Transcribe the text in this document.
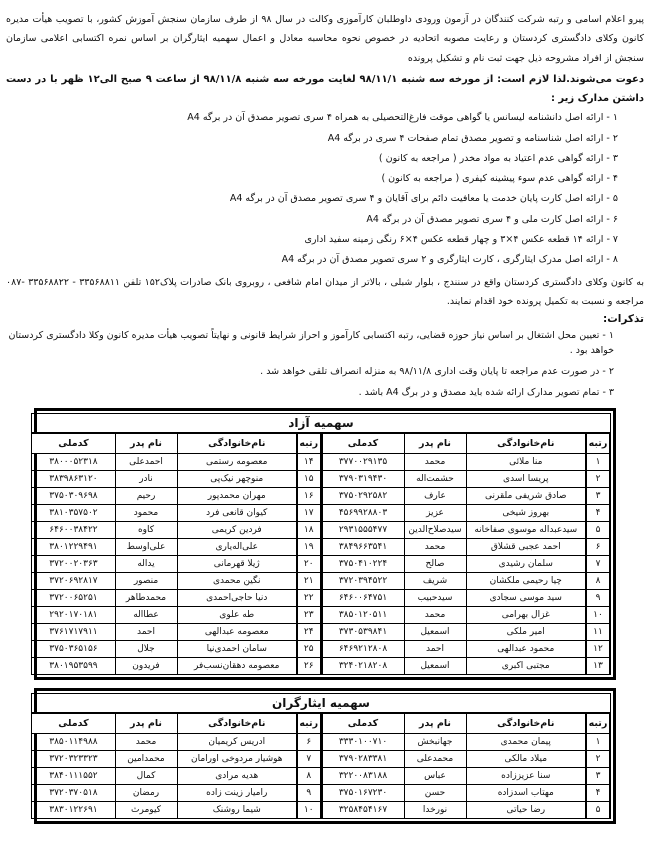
پیرو اعلام اسامی و رتبه شرکت کنندگان در آزمون ورودی داوطلبان کارآموزی وکالت در سال ۹۸ از طرف سازمان سنجش آموزش کشور، با تصویب هیأت مدیره کانون وکلای دادگستری کردستان و رعایت مصوبه اتحادیه در خصوص نحوه محاسبه معادل و اعمال سهمیه ایثارگران بر اساس نمره اکتسابی اعلامی سازمان سنجش از افراد مشروحه ذیل جهت ثبت نام و تشکیل پرونده

دعوت می‌شوند.لذا لازم است: از مورخه سه شنبه ۹۸/۱۱/۱ لغایت مورخه سه شنبه ۹۸/۱۱/۸ از ساعت ۹ صبح الی۱۲ ظهر با در دست داشتن مدارک زیر :

۱ - ارائه اصل دانشنامه لیسانس یا گواهی موقت فارغ‌التحصیلی به همراه ۴ سری تصویر مصدق آن در برگه A4
۲ - ارائه اصل شناسنامه و تصویر مصدق تمام صفحات ۴ سری در برگه A4
۳ - ارائه گواهی عدم اعتیاد به مواد مخدر ( مراجعه به کانون )
۴ - ارائه گواهی عدم سوء پیشینه کیفری ( مراجعه به کانون )
۵ - ارائه اصل کارت پایان خدمت یا معافیت دائم برای آقایان و ۴ سری تصویر مصدق آن در برگه A4
۶ - ارائه اصل کارت ملی و ۴ سری تصویر مصدق آن در برگه A4
۷ - ارائه ۱۴ قطعه عکس ۴×۳ و چهار قطعه عکس ۴×۶ رنگی زمینه سفید اداری
۸ - ارائه اصل مدرک ایثارگری ، کارت ایثارگری و ۲ سری تصویر مصدق آن در برگه A4

به کانون وکلای دادگستری کردستان واقع در سنندج ، بلوار شبلی ، بالاتر از میدان امام شافعی ، روبروی بانک صادرات پلاک۱۵۲ تلفن ۳۳۵۶۸۸۱۱ - ۳۳۵۶۸۸۲۲ -۰۸۷ مراجعه و نسبت به تکمیل پرونده خود اقدام نمایند.

تذکرات:

۱ - تعیین محل اشتغال بر اساس نیاز حوزه قضایی، رتبه اکتسابی کارآموز و احراز شرایط قانونی و نهایتاً تصویب هیأت مدیره کانون وکلا دادگستری کردستان خواهد بود .
۲ - در صورت عدم مراجعه تا پایان وقت اداری ۹۸/۱۱/۸ به منزله انصراف تلقی خواهد شد .
۳ - تمام تصویر مدارک ارائه شده باید مصدق و در برگ A4 باشد .
سهمیه آزاد							
رتبه	نام‌خانوادگی	نام پدر	کدملی	رتبه	نام‌خانوادگی	نام پدر	کدملی
۱	منا ملائی	محمد	۳۷۷۰۰۲۹۱۳۵	۱۴	معصومه رستمی	احمدعلی	۳۸۰۰۰۵۲۳۱۸
۲	پریسا اسدی	حشمت‌اله	۳۷۹۰۳۱۹۴۳۰	۱۵	منوچهر نیک‌پی	نادر	۳۸۳۹۸۶۳۱۲۰
۳	صادق شریفی ملقرنی	عارف	۳۷۵۰۲۹۲۵۸۲	۱۶	مهران محمدپور	رحیم	۳۷۵۰۳۰۹۶۹۸
۴	بهروز شیخی	عزیز	۴۵۶۹۹۲۸۸۰۳	۱۷	کیوان قانعی فرد	محمود	۳۸۱۰۳۵۷۵۰۲
۵	سیدعبداله موسوی صفاخانه	سیدصلاح‌الدین	۲۹۳۱۵۵۵۴۷۷	۱۸	فردین کریمی	کاوه	۶۴۶۰۰۳۸۴۲۲
۶	احمد عجبی قشلاق	محمد	۳۸۴۹۶۶۳۵۴۱	۱۹	علی‌اله‌یاری	علی‌اوسط	۳۸۰۱۲۲۹۴۹۱
۷	سلمان رشیدی	صالح	۳۷۵۰۴۱۰۲۲۴	۲۰	ژیلا قهرمانی	یداله	۳۷۲۰۰۲۰۳۶۳
۸	چیا رحیمی ملکشان	شریف	۳۷۲۰۳۹۴۵۲۲	۲۱	نگین محمدی	منصور	۳۷۲۰۶۹۲۸۱۷
۹	سید موسی سجادی	سیدحبیب	۶۴۶۰۰۶۴۷۵۱	۲۲	دنیا حاجی‌احمدی	محمدطاهر	۳۷۲۰۰۶۵۲۵۱
۱۰	غزال بهرامی	محمد	۳۸۵۰۱۲۰۵۱۱	۲۳	طه علوی	عطااله	۲۹۲۰۱۷۰۱۸۱
۱۱	امیر ملکی	اسمعیل	۳۷۳۰۵۳۹۸۴۱	۲۴	معصومه عبدالهی	احمد	۳۷۶۱۷۱۷۹۱۱
۱۲	محمود عبدالهی	احمد	۶۴۶۹۲۱۲۸۰۸	۲۵	سامان احمدی‌نیا	جلال	۳۷۵۰۳۶۵۱۵۶
۱۳	مجتبی اکبری	اسمعیل	۳۲۴۰۲۱۸۲۰۸	۲۶	معصومه دهقان‌نسب‌فر	فریدون	۳۸۰۱۹۵۳۵۹۹
سهمیه ایثارگران							
رتبه	نام‌خانوادگی	نام پدر	کدملی	رتبه	نام‌خانوادگی	نام پدر	کدملی
۱	پیمان محمدی	جهانبخش	۳۳۳۰۱۰۰۷۱۰	۶	ادریس کریمیان	محمد	۳۸۵۰۱۱۴۹۸۸
۲	میلاد مالکی	محمدعلی	۳۷۹۰۲۸۳۳۸۱	۷	هوشیار مردوخی اورامان	محمدامین	۳۷۲۰۳۲۳۳۲۳
۳	سنا عزیززاده	عباس	۳۲۲۰۰۸۳۱۸۸	۸	هدیه مرادی	کمال	۳۸۴۰۱۱۱۵۵۲
۴	مهتاب اسدزاده	حسن	۳۷۵۰۱۶۷۲۳۰	۹	رامیار زینت زاده	رمضان	۳۷۲۰۳۷۰۵۱۸
۵	رضا حیاتی	نورخدا	۳۲۵۸۴۵۴۱۶۷	۱۰	شیما روشنک	کیومرث	۳۸۳۰۱۲۲۶۹۱
